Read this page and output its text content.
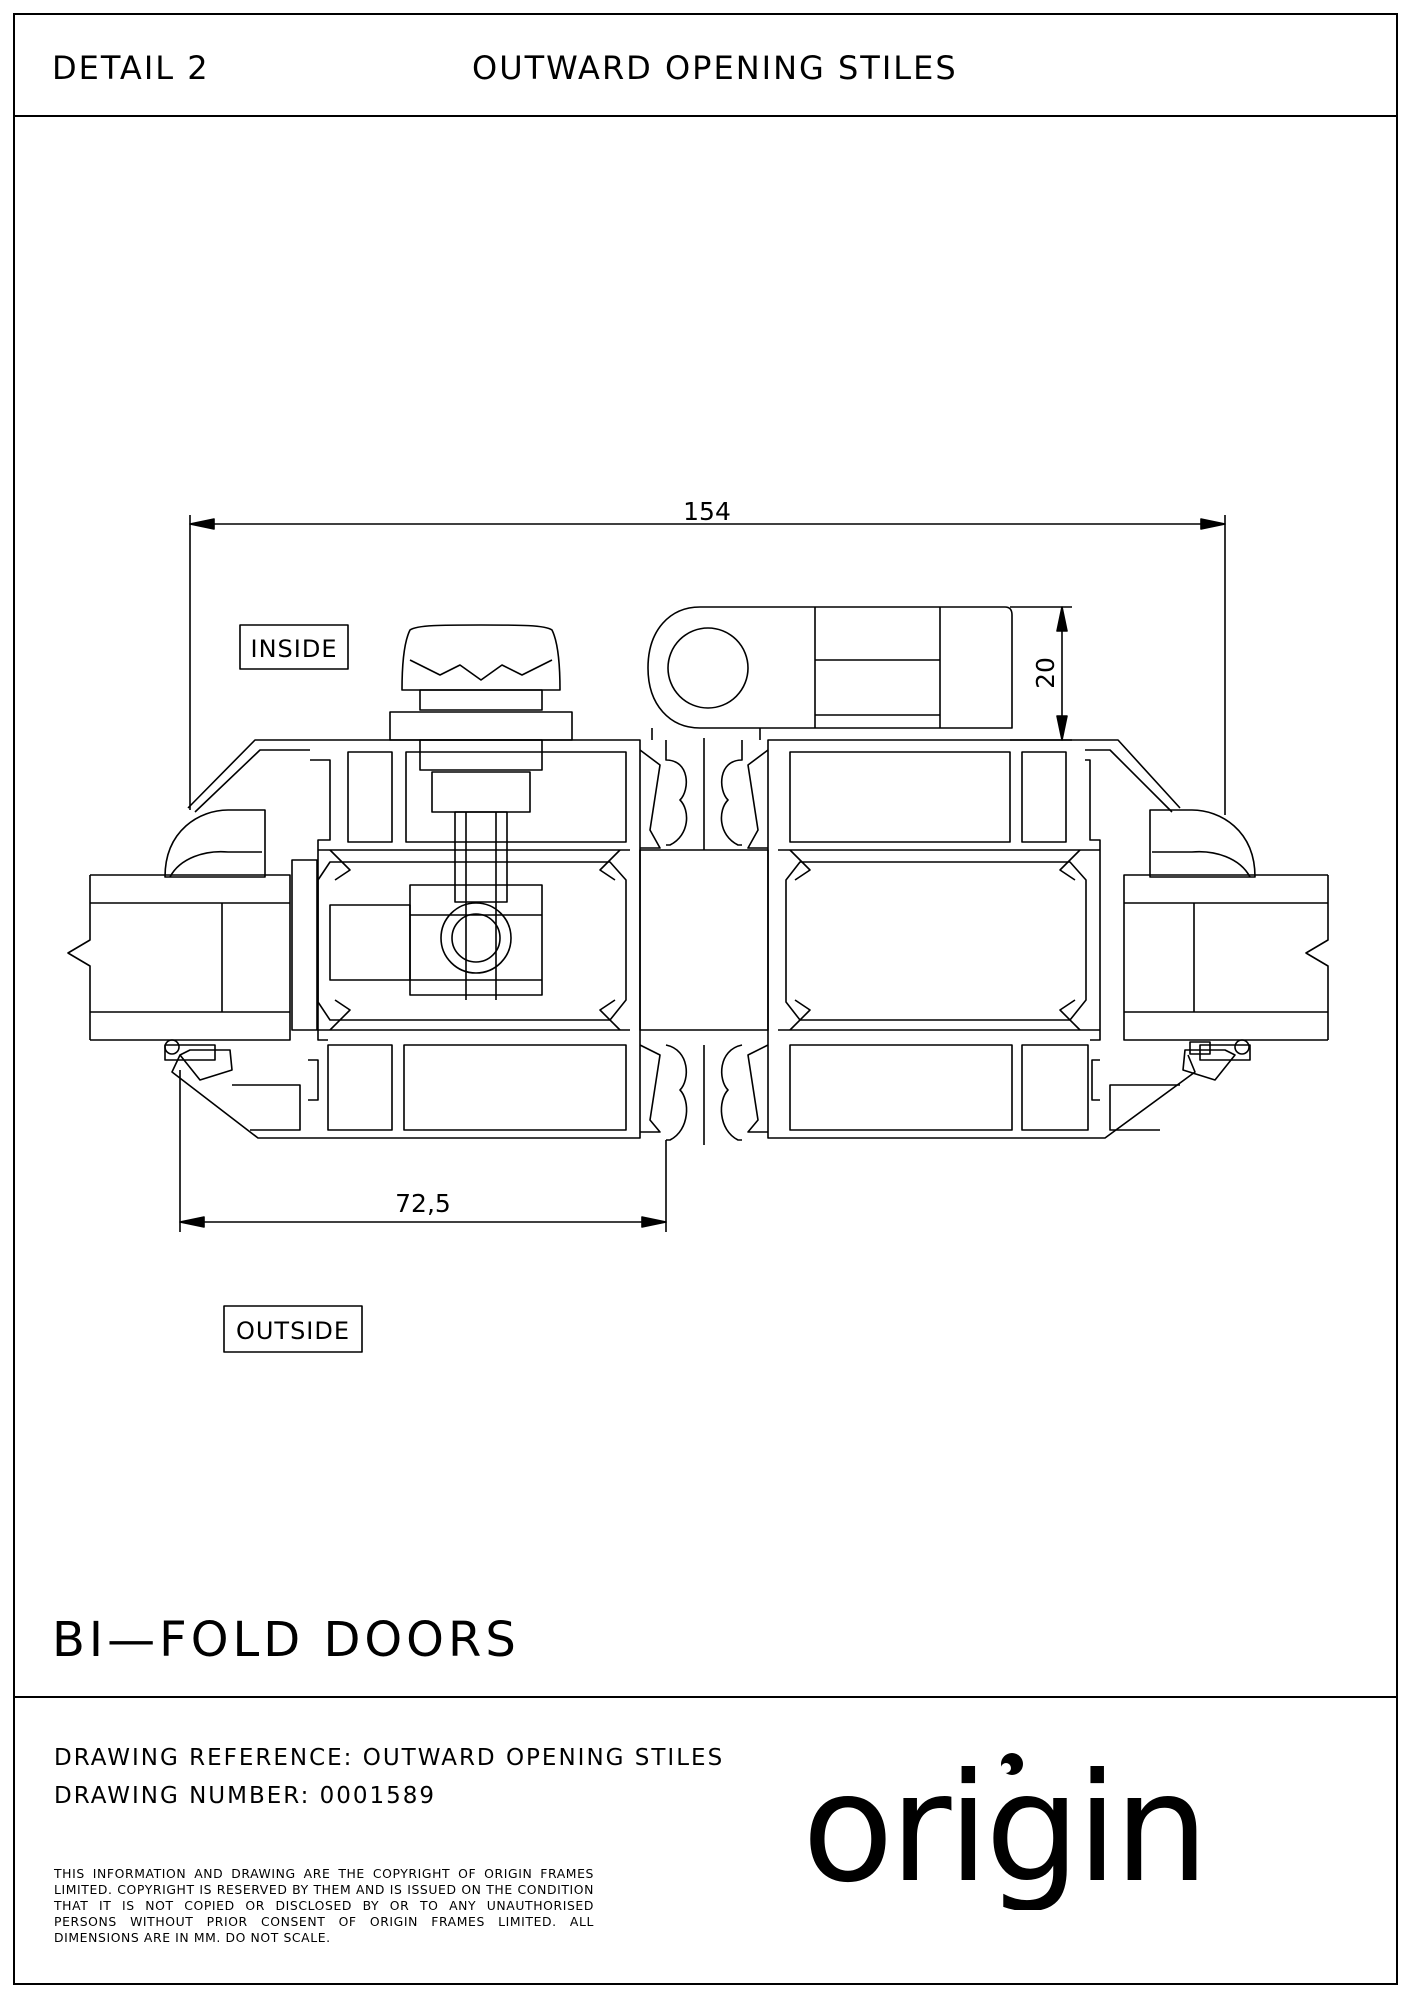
DETAIL 2	OUTWARD OPENING STILES
154
72,5
20
INSIDE
OUTSIDE
BI—FOLD DOORS
DRAWING REFERENCE: OUTWARD OPENING STILES
DRAWING NUMBER: 0001589
THIS INFORMATION AND DRAWING ARE THE COPYRIGHT OF ORIGIN FRAMES LIMITED. COPYRIGHT IS RESERVED BY THEM AND IS ISSUED ON THE CONDITION THAT IT IS NOT COPIED OR DISCLOSED BY OR TO ANY UNAUTHORISED PERSONS WITHOUT PRIOR CONSENT OF ORIGIN FRAMES LIMITED. ALL DIMENSIONS ARE IN MM. DO NOT SCALE.
origin
